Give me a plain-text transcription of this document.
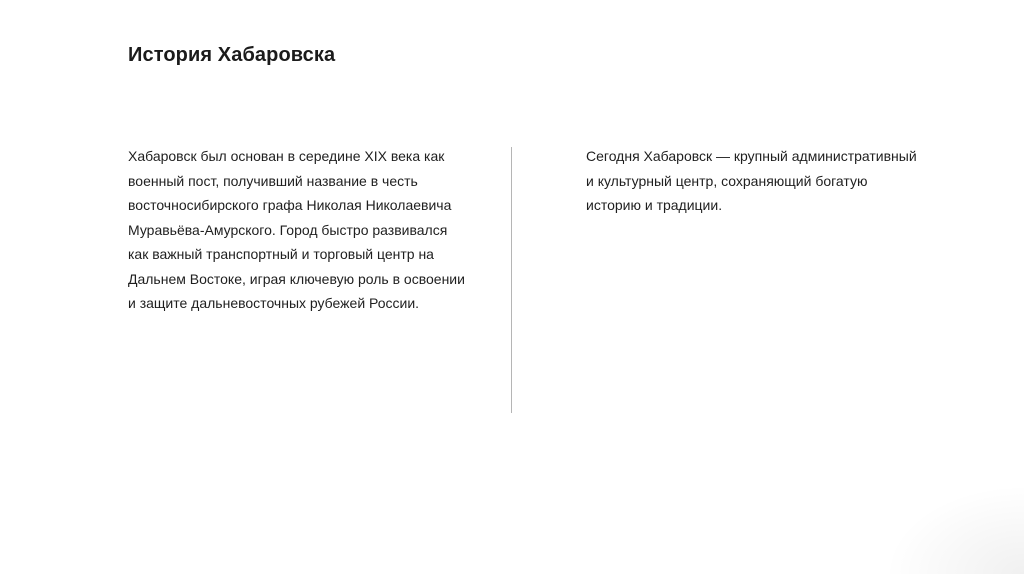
История Хабаровска
Хабаровск был основан в середине XIX века как
военный пост, получивший название в честь
восточносибирского графа Николая Николаевича
Муравьёва-Амурского. Город быстро развивался
как важный транспортный и торговый центр на
Дальнем Востоке, играя ключевую роль в освоении
и защите дальневосточных рубежей России.
Сегодня Хабаровск — крупный административный
и культурный центр, сохраняющий богатую
историю и традиции.
